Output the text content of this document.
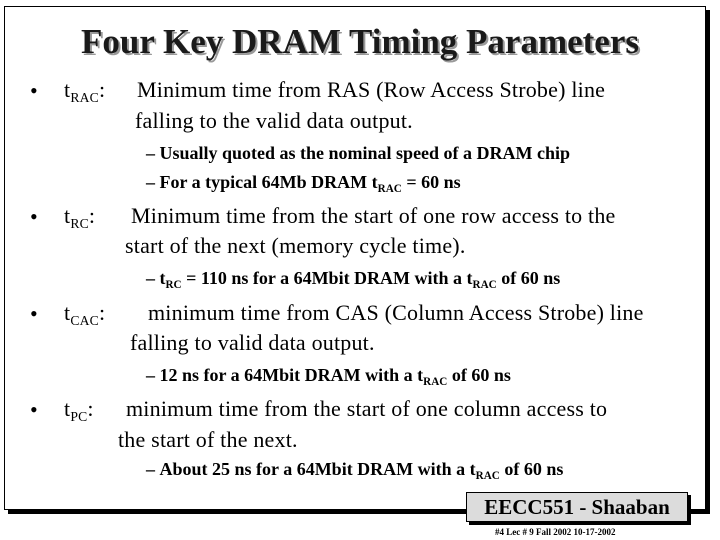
Four Key DRAM Timing Parameters
• $t_{RAC}$: Minimum time from RAS (Row Access Strobe) line
falling to the valid data output.
– Usually quoted as the nominal speed of a DRAM chip
– For a typical 64Mb DRAM $t_{RAC} = 60$ ns
• $t_{RC}$: Minimum time from the start of one row access to the
start of the next (memory cycle time).
– $t_{RC} = 110$ ns for a 64Mbit DRAM with a $t_{RAC}$ of 60 ns
• $t_{CAC}$: minimum time from CAS (Column Access Strobe) line
falling to valid data output.
– 12 ns for a 64Mbit DRAM with a $t_{RAC}$ of 60 ns
• $t_{PC}$: minimum time from the start of one column access to
the start of the next.
– About 25 ns for a 64Mbit DRAM with a $t_{RAC}$ of 60 ns
EECC551 - Shaaban
#4 Lec # 9 Fall 2002 10-17-2002
